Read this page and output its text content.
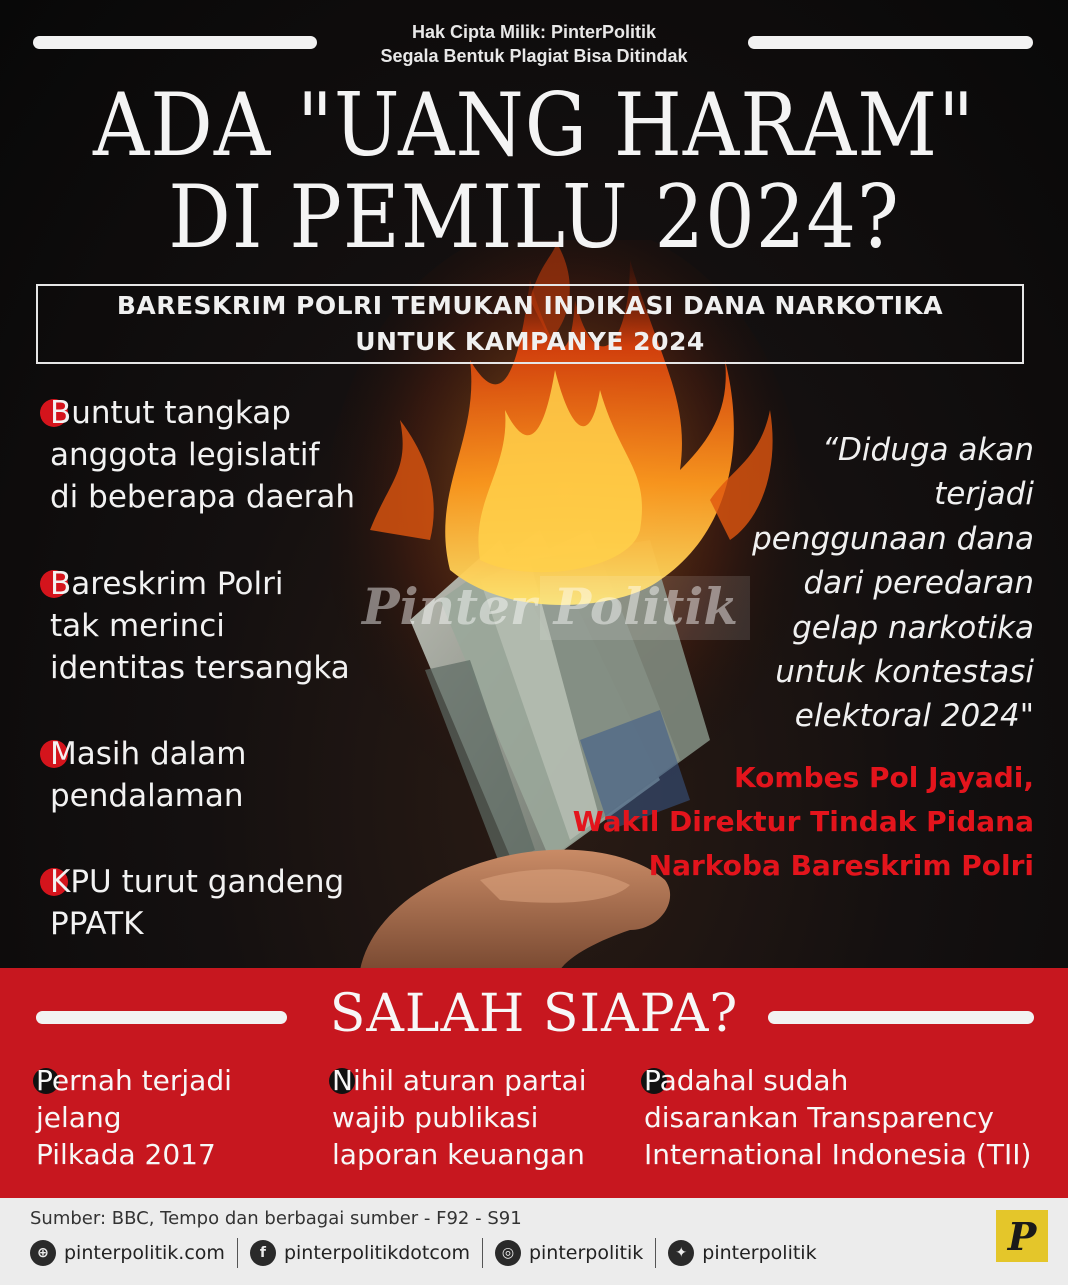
Hak Cipta Milik: PinterPolitik
Segala Bentuk Plagiat Bisa Ditindak
ADA "UANG HARAM"
DI PEMILU 2024?
BARESKRIM POLRI TEMUKAN INDIKASI DANA NARKOTIKA
UNTUK KAMPANYE 2024

Buntut tangkap
anggota legislatif
di beberapa daerah

Bareskrim Polri
tak merinci
identitas tersangka

Masih dalam
pendalaman

KPU turut gandeng
PPATK

Pinter Politik
“Diduga akan
terjadi
penggunaan dana
dari peredaran
gelap narkotika
untuk kontestasi
elektoral 2024"
Kombes Pol Jayadi,
Wakil Direktur Tindak Pidana
Narkoba Bareskrim Polri
SALAH SIAPA?

Pernah terjadi
jelang
Pilkada 2017

Nihil aturan partai
wajib publikasi
laporan keuangan

Padahal sudah
disarankan Transparency
International Indonesia (TII)

Sumber: BBC, Tempo dan berbagai sumber - F92 - S91
⊕ pinterpolitik.com	f pinterpolitikdotcom	◎ pinterpolitik	✦ pinterpolitik	P
